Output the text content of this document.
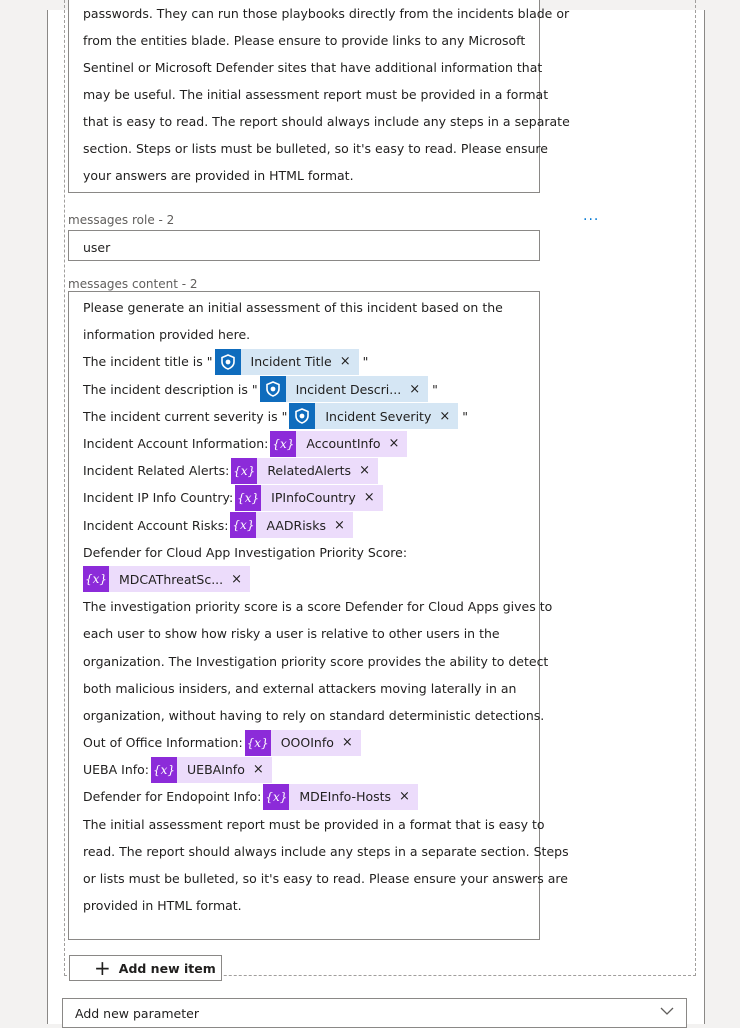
passwords. They can run those playbooks directly from the incidents blade or
from the entities blade. Please ensure to provide links to any Microsoft
Sentinel or Microsoft Defender sites that have additional information that
may be useful. The initial assessment report must be provided in a format
that is easy to read. The report should always include any steps in a separate
section. Steps or lists must be bulleted, so it's easy to read. Please ensure
your answers are provided in HTML format.
messages role - 2	···
user
messages content - 2
Please generate an initial assessment of this incident based on the
information provided here.
The incident title is "	Incident Title × "
The incident description is "	Incident Descri... × "
The incident current severity is "	Incident Severity × "
Incident Account Information: {x} AccountInfo ×
Incident Related Alerts: {x} RelatedAlerts ×
Incident IP Info Country: {x} IPInfoCountry ×
Incident Account Risks: {x} AADRisks ×
Defender for Cloud App Investigation Priority Score:
{x} MDCAThreatSc... ×
The investigation priority score is a score Defender for Cloud Apps gives to
each user to show how risky a user is relative to other users in the
organization. The Investigation priority score provides the ability to detect
both malicious insiders, and external attackers moving laterally in an
organization, without having to rely on standard deterministic detections.
Out of Office Information: {x} OOOInfo ×
UEBA Info: {x} UEBAInfo ×
Defender for Endopoint Info: {x} MDEInfo-Hosts ×
The initial assessment report must be provided in a format that is easy to
read. The report should always include any steps in a separate section. Steps
or lists must be bulleted, so it's easy to read. Please ensure your answers are
provided in HTML format.
+ Add new item
Add new parameter
